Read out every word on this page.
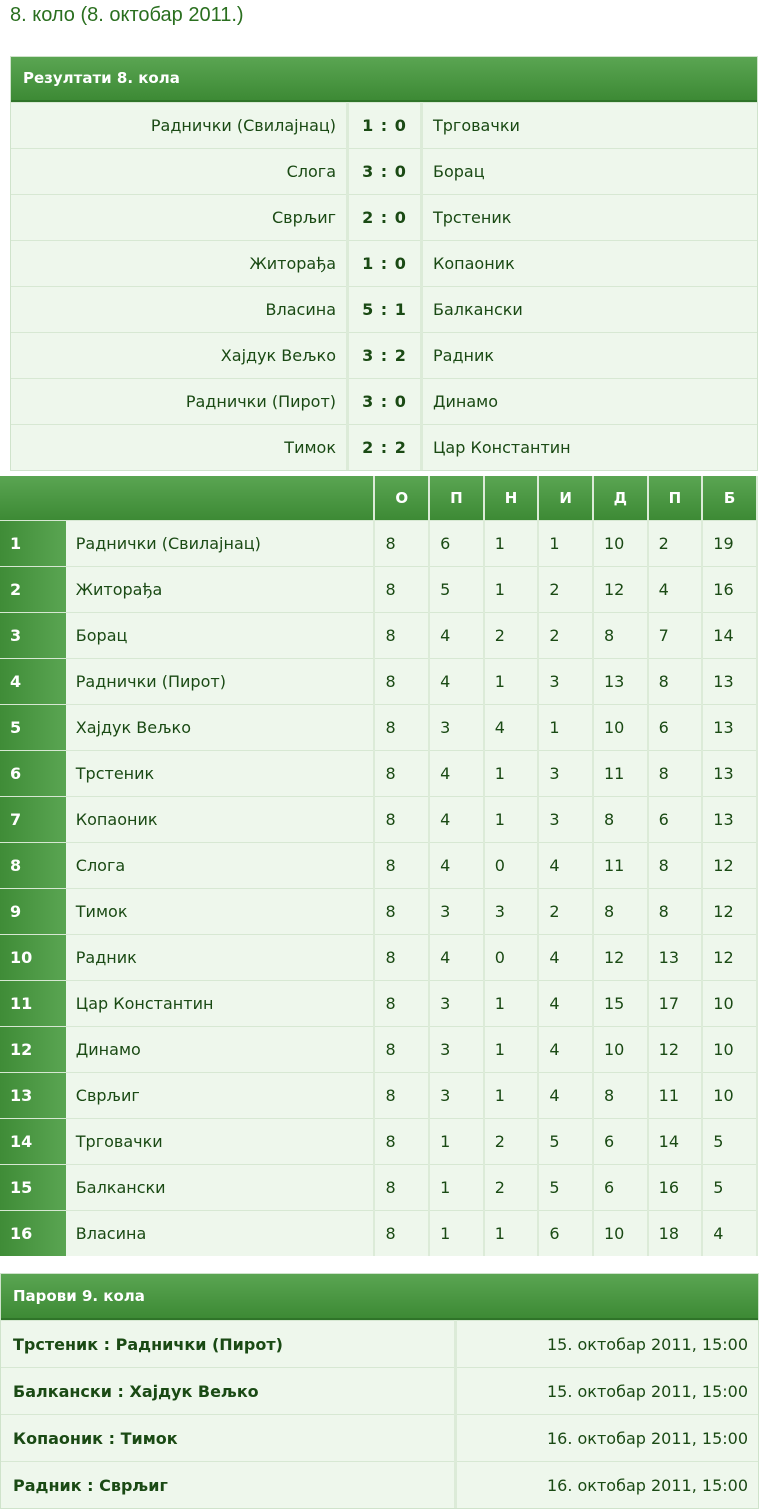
8. коло (8. октобар 2011.)
Резултати 8. кола
Раднички (Свилајнац)	1 : 0	Трговачки
Слога	3 : 0	Борац
Сврљиг	2 : 0	Трстеник
Житорађа	1 : 0	Копаоник
Власина	5 : 1	Балкански
Хајдук Вељко	3 : 2	Радник
Раднички (Пирот)	3 : 0	Динамо
Тимок	2 : 2	Цар Константин
		О	П	Н	И	Д	П	Б
1	Раднички (Свилајнац)	8	6	1	1	10	2	19
2	Житорађа	8	5	1	2	12	4	16
3	Борац	8	4	2	2	8	7	14
4	Раднички (Пирот)	8	4	1	3	13	8	13
5	Хајдук Вељко	8	3	4	1	10	6	13
6	Трстеник	8	4	1	3	11	8	13
7	Копаоник	8	4	1	3	8	6	13
8	Слога	8	4	0	4	11	8	12
9	Тимок	8	3	3	2	8	8	12
10	Радник	8	4	0	4	12	13	12
11	Цар Константин	8	3	1	4	15	17	10
12	Динамо	8	3	1	4	10	12	10
13	Сврљиг	8	3	1	4	8	11	10
14	Трговачки	8	1	2	5	6	14	5
15	Балкански	8	1	2	5	6	16	5
16	Власина	8	1	1	6	10	18	4
Парови 9. кола
Трстеник : Раднички (Пирот)	15. октобар 2011, 15:00
Балкански : Хајдук Вељко	15. октобар 2011, 15:00
Копаоник : Тимок	16. октобар 2011, 15:00
Радник : Сврљиг	16. октобар 2011, 15:00
